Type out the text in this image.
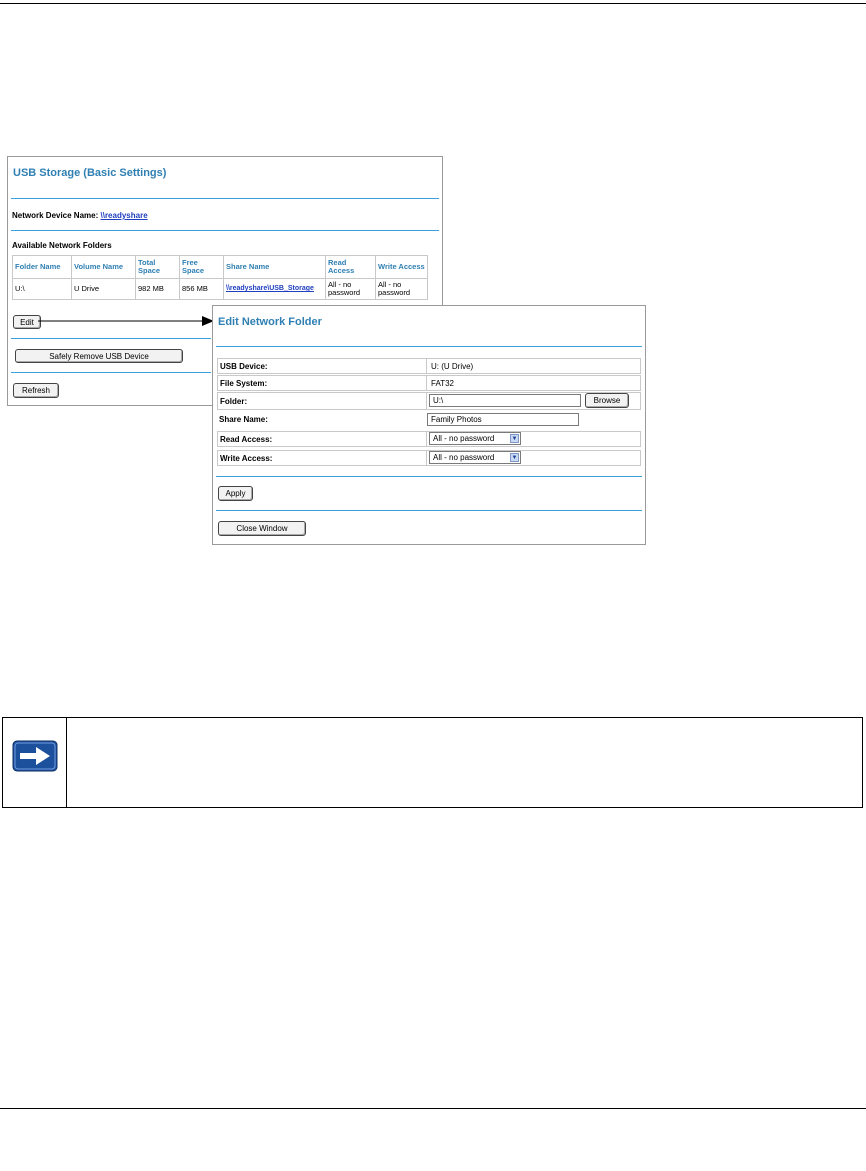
USB Storage (Basic Settings)
Network Device Name: \\readyshare
Available Network Folders
Folder Name	Volume Name	Total Space	Free Space	Share Name	Read Access	Write Access
U:\	U Drive	982 MB	856 MB	\\readyshare\USB_Storage	All - no password	All - no password
Edit
Safely Remove USB Device
Refresh
Edit Network Folder
USB Device:	U: (U Drive)
File System:	FAT32
Folder:	U:\	Browse
Share Name:	Family Photos
Read Access:	All - no password	▼
Write Access:	All - no password	▼
Apply
Close Window
